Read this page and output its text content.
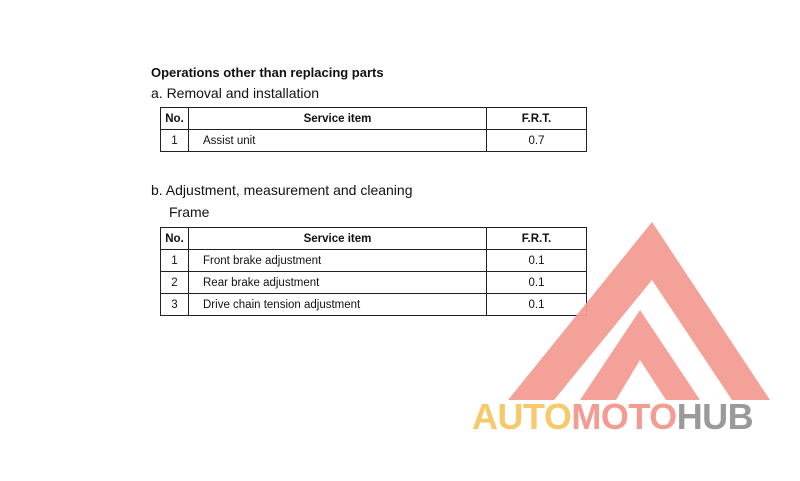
Operations other than replacing parts
a. Removal and installation
No.	Service item	F.R.T.
1	Assist unit	0.7
b. Adjustment, measurement and cleaning
Frame
No.	Service item	F.R.T.
1	Front brake adjustment	0.1
2	Rear brake adjustment	0.1
3	Drive chain tension adjustment	0.1
AUTOMOTOHUB
